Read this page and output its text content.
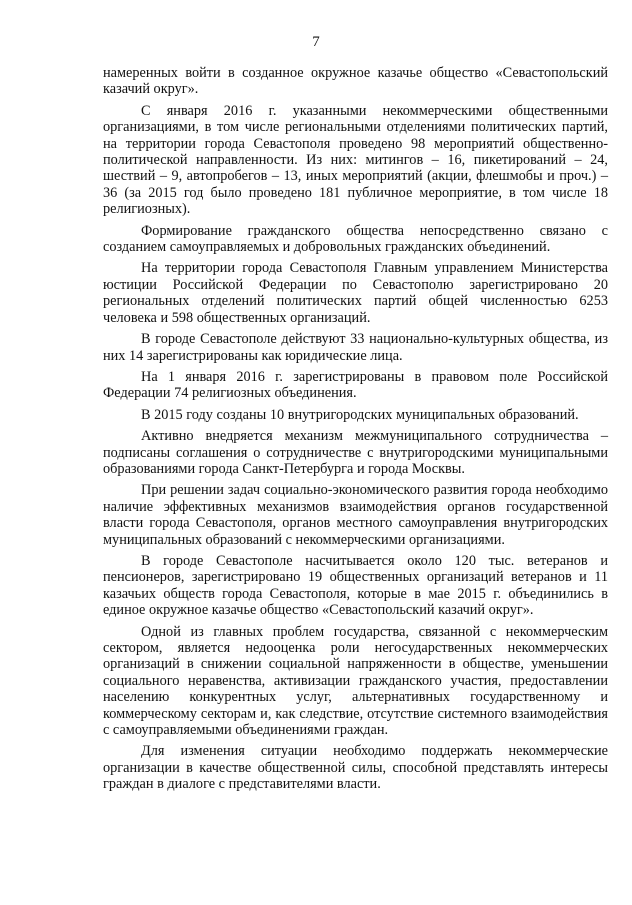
7

намеренных войти в созданное окружное казачье общество «Севастопольский казачий округ».

С января 2016 г. указанными некоммерческими общественными организациями, в том числе региональными отделениями политических партий, на территории города Севастополя проведено 98 мероприятий общественно-политической направленности. Из них: митингов – 16, пикетирований – 24, шествий – 9, автопробегов – 13, иных мероприятий (акции, флешмобы и проч.) – 36 (за 2015 год было проведено 181 публичное мероприятие, в том числе 18 религиозных).

Формирование гражданского общества непосредственно связано с созданием самоуправляемых и добровольных гражданских объединений.

На территории города Севастополя Главным управлением Министерства юстиции Российской Федерации по Севастополю зарегистрировано 20 региональных отделений политических партий общей численностью 6253 человека и 598 общественных организаций.

В городе Севастополе действуют 33 национально-культурных общества, из них 14 зарегистрированы как юридические лица.

На 1 января 2016 г. зарегистрированы в правовом поле Российской Федерации 74 религиозных объединения.

В 2015 году созданы 10 внутригородских муниципальных образований.

Активно внедряется механизм межмуниципального сотрудничества – подписаны соглашения о сотрудничестве с внутригородскими муниципальными образованиями города Санкт-Петербурга и города Москвы.

При решении задач социально-экономического развития города необходимо наличие эффективных механизмов взаимодействия органов государственной власти города Севастополя, органов местного самоуправления внутригородских муниципальных образований с некоммерческими организациями.

В городе Севастополе насчитывается около 120 тыс. ветеранов и пенсионеров, зарегистрировано 19 общественных организаций ветеранов и 11 казачьих обществ города Севастополя, которые в мае 2015 г. объединились в единое окружное казачье общество «Севастопольский казачий округ».

Одной из главных проблем государства, связанной с некоммерческим сектором, является недооценка роли негосударственных некоммерческих организаций в снижении социальной напряженности в обществе, уменьшении социального неравенства, активизации гражданского участия, предоставлении населению конкурентных услуг, альтернативных государственному и коммерческому секторам и, как следствие, отсутствие системного взаимодействия с самоуправляемыми объединениями граждан.

Для изменения ситуации необходимо поддержать некоммерческие организации в качестве общественной силы, способной представлять интересы граждан в диалоге с представителями власти.
